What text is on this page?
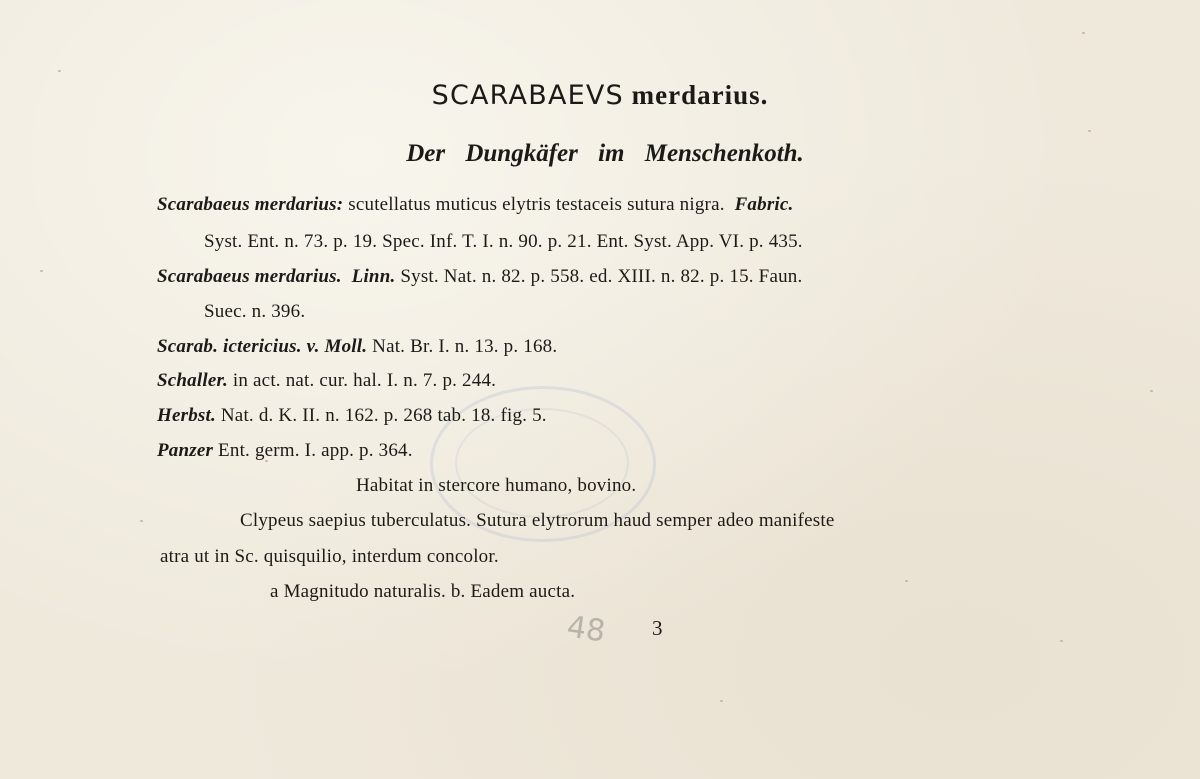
SCARABAEVS merdarius.
Der Dungkäfer im Menschenkoth.
Scarabaeus merdarius: scutellatus muticus elytris testaceis sutura nigra. Fabric.
Syst. Ent. n. 73. p. 19. Spec. Inf. T. I. n. 90. p. 21. Ent. Syst. App. VI. p. 435.
Scarabaeus merdarius. Linn. Syst. Nat. n. 82. p. 558. ed. XIII. n. 82. p. 15. Faun.
Suec. n. 396.
Scarab. ictericius. v. Moll. Nat. Br. I. n. 13. p. 168.
Schaller. in act. nat. cur. hal. I. n. 7. p. 244.
Herbst. Nat. d. K. II. n. 162. p. 268 tab. 18. fig. 5.
Panzer Ent. germ. I. app. p. 364.
Habitat in stercore humano, bovino.
Clypeus saepius tuberculatus. Sutura elytrorum haud semper adeo manifeste
atra ut in Sc. quisquilio, interdum concolor.
a Magnitudo naturalis. b. Eadem aucta.
48 3
